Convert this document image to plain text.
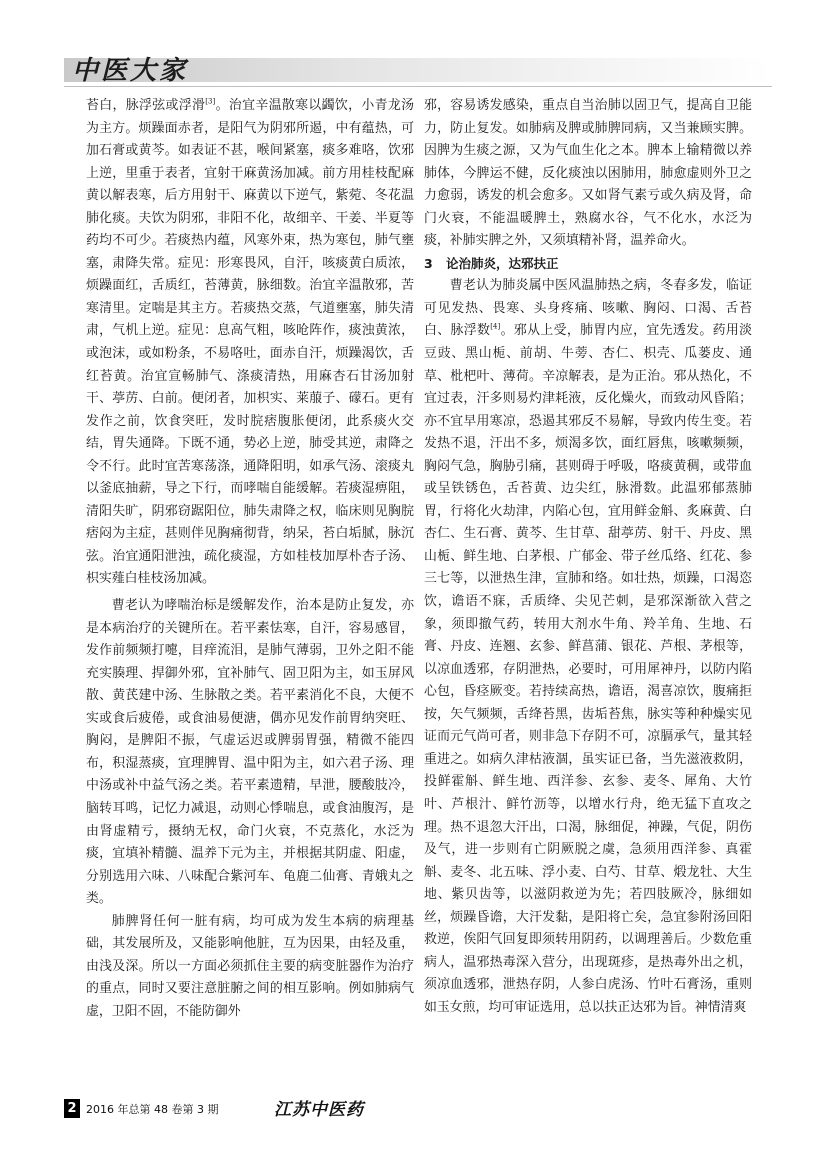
中医大家

苔白，脉浮弦或浮滑[3]。治宜辛温散寒以蠲饮，小青龙汤为主方。烦躁面赤者，是阳气为阴邪所遏，中有蕴热，可加石膏或黄芩。如表证不甚，喉间紧塞，痰多难咯，饮邪上逆，里重于表者，宜射干麻黄汤加减。前方用桂枝配麻黄以解表寒，后方用射干、麻黄以下逆气，紫菀、冬花温肺化痰。夫饮为阴邪，非阳不化，故细辛、干姜、半夏等药均不可少。若痰热内蕴，风寒外束，热为寒包，肺气壅塞，肃降失常。症见：形寒畏风，自汗，咳痰黄白质浓，烦躁面红，舌质红，苔薄黄，脉细数。治宜辛温散邪，苦寒清里。定喘是其主方。若痰热交蒸，气道壅塞，肺失清肃，气机上逆。症见：息高气粗，咳呛阵作，痰浊黄浓，或泡沫，或如粉条，不易咯吐，面赤自汗，烦躁渴饮，舌红苔黄。治宜宣畅肺气、涤痰清热，用麻杏石甘汤加射干、葶苈、白前。便闭者，加枳实、莱菔子、礞石。更有发作之前，饮食突旺，发时脘痞腹胀便闭，此系痰火交结，胃失通降。下既不通，势必上逆，肺受其逆，肃降之令不行。此时宜苦寒荡涤，通降阳明，如承气汤、滚痰丸以釜底抽薪，导之下行，而哮喘自能缓解。若痰湿痹阻，清阳失旷，阴邪窃踞阳位，肺失肃降之权，临床则见胸脘痞闷为主症，甚则伴见胸痛彻背，纳呆，苔白垢腻，脉沉弦。治宜通阳泄浊，疏化痰湿，方如桂枝加厚朴杏子汤、枳实薤白桂枝汤加减。

曹老认为哮喘治标是缓解发作，治本是防止复发，亦是本病治疗的关键所在。若平素怯寒，自汗，容易感冒，发作前频频打嚏，目痒流泪，是肺气薄弱，卫外之阳不能充实腠理、捍御外邪，宜补肺气、固卫阳为主，如玉屏风散、黄芪建中汤、生脉散之类。若平素消化不良，大便不实或食后疲倦，或食油易便溏，偶亦见发作前胃纳突旺、胸闷，是脾阳不振，气虚运迟或脾弱胃强，精微不能四布，积湿蒸痰，宜理脾胃、温中阳为主，如六君子汤、理中汤或补中益气汤之类。若平素遗精，早泄，腰酸肢冷，脑转耳鸣，记忆力减退，动则心悸喘息，或食油腹泻，是由肾虚精亏，摄纳无权，命门火衰，不克蒸化，水泛为痰，宜填补精髓、温养下元为主，并根据其阴虚、阳虚，分别选用六味、八味配合紫河车、龟鹿二仙膏、青娥丸之类。

肺脾肾任何一脏有病，均可成为发生本病的病理基础，其发展所及，又能影响他脏，互为因果，由轻及重，由浅及深。所以一方面必须抓住主要的病变脏器作为治疗的重点，同时又要注意脏腑之间的相互影响。例如肺病气虚，卫阳不固，不能防御外

邪，容易诱发感染，重点自当治肺以固卫气，提高自卫能力，防止复发。如肺病及脾或肺脾同病，又当兼顾实脾。因脾为生痰之源，又为气血生化之本。脾本上输精微以养肺体，今脾运不健，反化痰浊以困肺用，肺愈虚则外卫之力愈弱，诱发的机会愈多。又如肾气素亏或久病及肾，命门火衰，不能温暖脾土，熟腐水谷，气不化水，水泛为痰，补肺实脾之外，又须填精补肾，温养命火。

3 论治肺炎，达邪扶正

曹老认为肺炎属中医风温肺热之病，冬春多发，临证可见发热、畏寒、头身疼痛、咳嗽、胸闷、口渴、舌苔白、脉浮数[4]。邪从上受，肺胃内应，宜先透发。药用淡豆豉、黑山栀、前胡、牛蒡、杏仁、枳壳、瓜蒌皮、通草、枇杷叶、薄荷。辛凉解表，是为正治。邪从热化，不宜过表，汗多则易灼津耗液，反化燥火，而致动风昏陷；亦不宜早用寒凉，恐遏其邪反不易解，导致内传生变。若发热不退，汗出不多，烦渴多饮，面红唇焦，咳嗽频频，胸闷气急，胸胁引痛，甚则碍于呼吸，咯痰黄稠，或带血或呈铁锈色，舌苔黄、边尖红，脉滑数。此温邪郁蒸肺胃，行将化火劫津，内陷心包，宜用鲜金斛、炙麻黄、白杏仁、生石膏、黄芩、生甘草、甜葶苈、射干、丹皮、黑山栀、鲜生地、白茅根、广郁金、带子丝瓜络、红花、参三七等，以泄热生津，宣肺和络。如壮热，烦躁，口渴恣饮，谵语不寐，舌质绛、尖见芒刺，是邪深渐欲入营之象，须即撤气药，转用大剂水牛角、羚羊角、生地、石膏、丹皮、连翘、玄参、鲜菖蒲、银花、芦根、茅根等，以凉血透邪，存阴泄热，必要时，可用犀神丹，以防内陷心包，昏痉厥变。若持续高热，谵语，渴喜凉饮，腹痛拒按，矢气频频，舌绛苔黑，齿垢苔焦，脉实等种种燥实见证而元气尚可者，则非急下存阴不可，凉膈承气，量其轻重进之。如病久津枯液涸，虽实证已备，当先滋液救阴，投鲜霍斛、鲜生地、西洋参、玄参、麦冬、犀角、大竹叶、芦根汁、鲜竹沥等，以增水行舟，绝无猛下直攻之理。热不退忽大汗出，口渴，脉细促，神躁，气促，阴伤及气，进一步则有亡阴厥脱之虞，急须用西洋参、真霍斛、麦冬、北五味、浮小麦、白芍、甘草、煅龙牡、大生地、紫贝齿等，以滋阴救逆为先；若四肢厥冷，脉细如丝，烦躁昏谵，大汗发黏，是阳将亡矣，急宜参附汤回阳救逆，俟阳气回复即须转用阴药，以调理善后。少数危重病人，温邪热毒深入营分，出现斑疹，是热毒外出之机，须凉血透邪，泄热存阴，人参白虎汤、竹叶石膏汤，重则如玉女煎，均可审证选用，总以扶正达邪为旨。神情清爽

2 2016 年总第 48 卷第 3 期	江苏中医药
